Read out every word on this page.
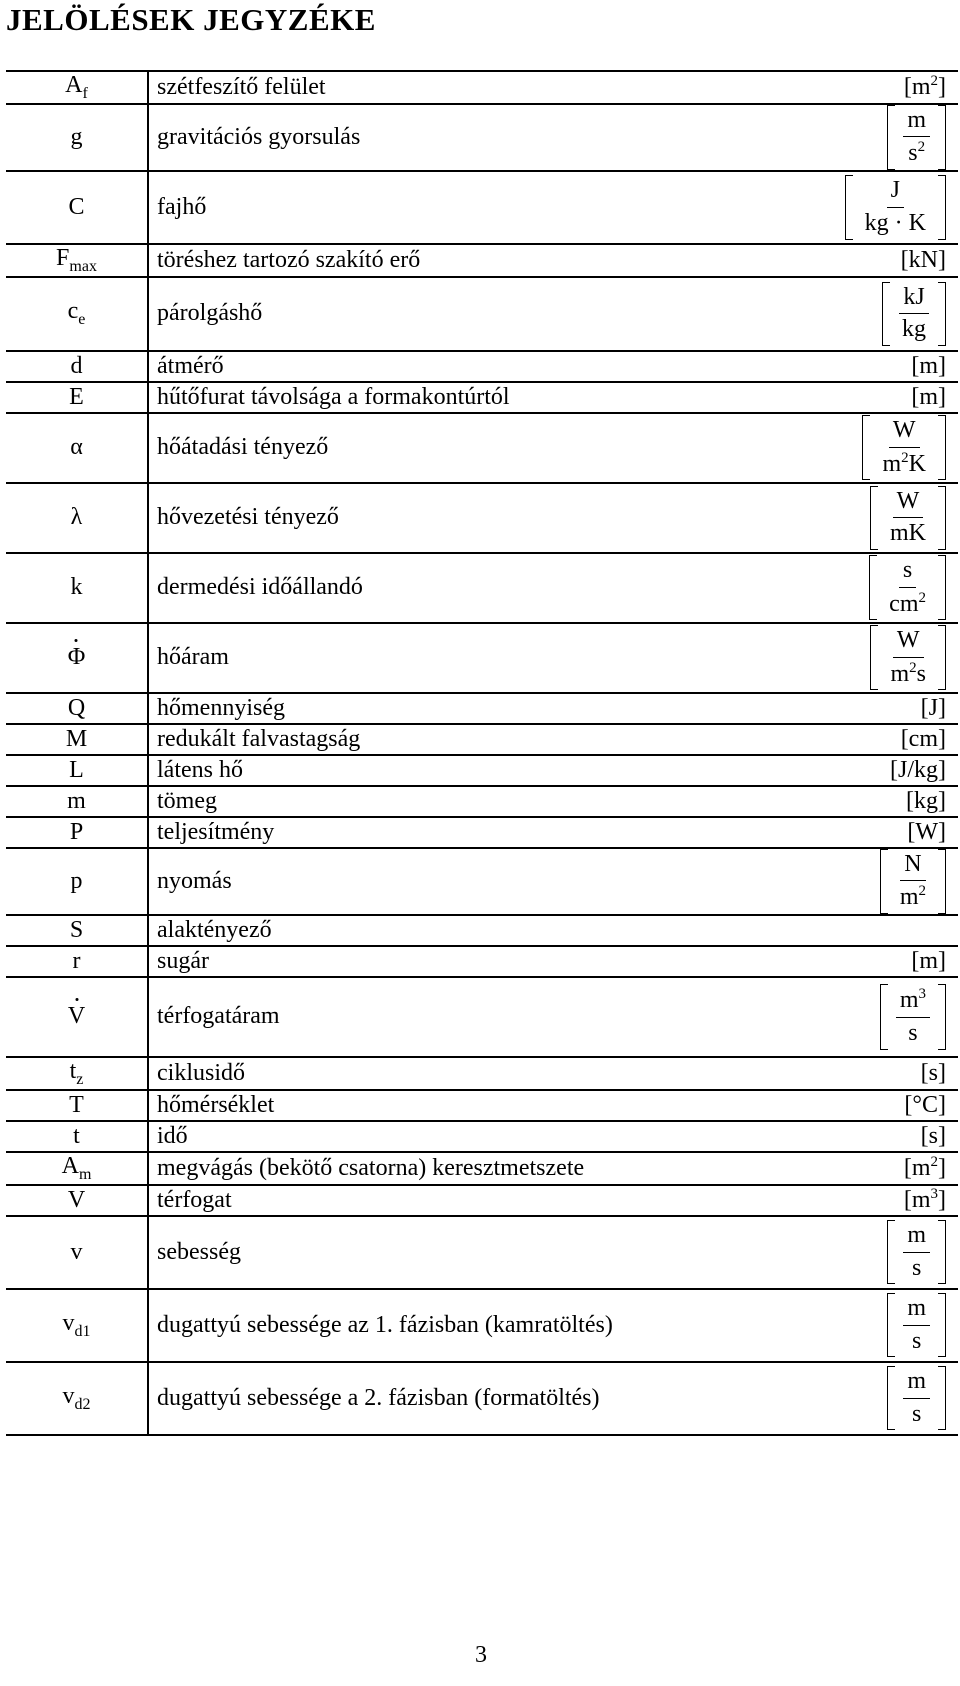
JELÖLÉSEK JEGYZÉKE
$A_f$	szétfeszítő felület	$[m^2]$
g	gravitációs gyorsulás	$\frac{m}{s^2}$

C	fajhő	$\frac{J}{kg \cdot K}$

$F_{max}$	töréshez tartozó szakító erő	[kN]
$c_e$	párolgáshő	$\frac{kJ}{kg}$

d	átmérő	[m]
E	hűtőfurat távolsága a formakontúrtól	[m]
α	hőátadási tényező	$\frac{W}{m^2K}$

λ	hővezetési tényező	$\frac{W}{mK}$

k	dermedési időállandó	$\frac{s}{cm^2}$

Φ	hőáram	$\frac{W}{m^2s}$

Q	hőmennyiség	[J]
M	redukált falvastagság	[cm]
L	látens hő	[J/kg]
m	tömeg	[kg]
P	teljesítmény	[W]
p	nyomás	$\frac{N}{m^2}$

S	alaktényező	
r	sugár	[m]
V	térfogatáram	$\frac{m^3}{s}$

$t_z$	ciklusidő	[s]
T	hőmérséklet	[°C]
t	idő	[s]
$A_m$	megvágás (bekötő csatorna) keresztmetszete	$[m^2]$
V	térfogat	$[m^3]$
v	sebesség	$\frac{m}{s}$

$v_{d1}$	dugattyú sebessége az 1. fázisban (kamratöltés)	$\frac{m}{s}$

$v_{d2}$	dugattyú sebessége a 2. fázisban (formatöltés)	$\frac{m}{s}$
3
